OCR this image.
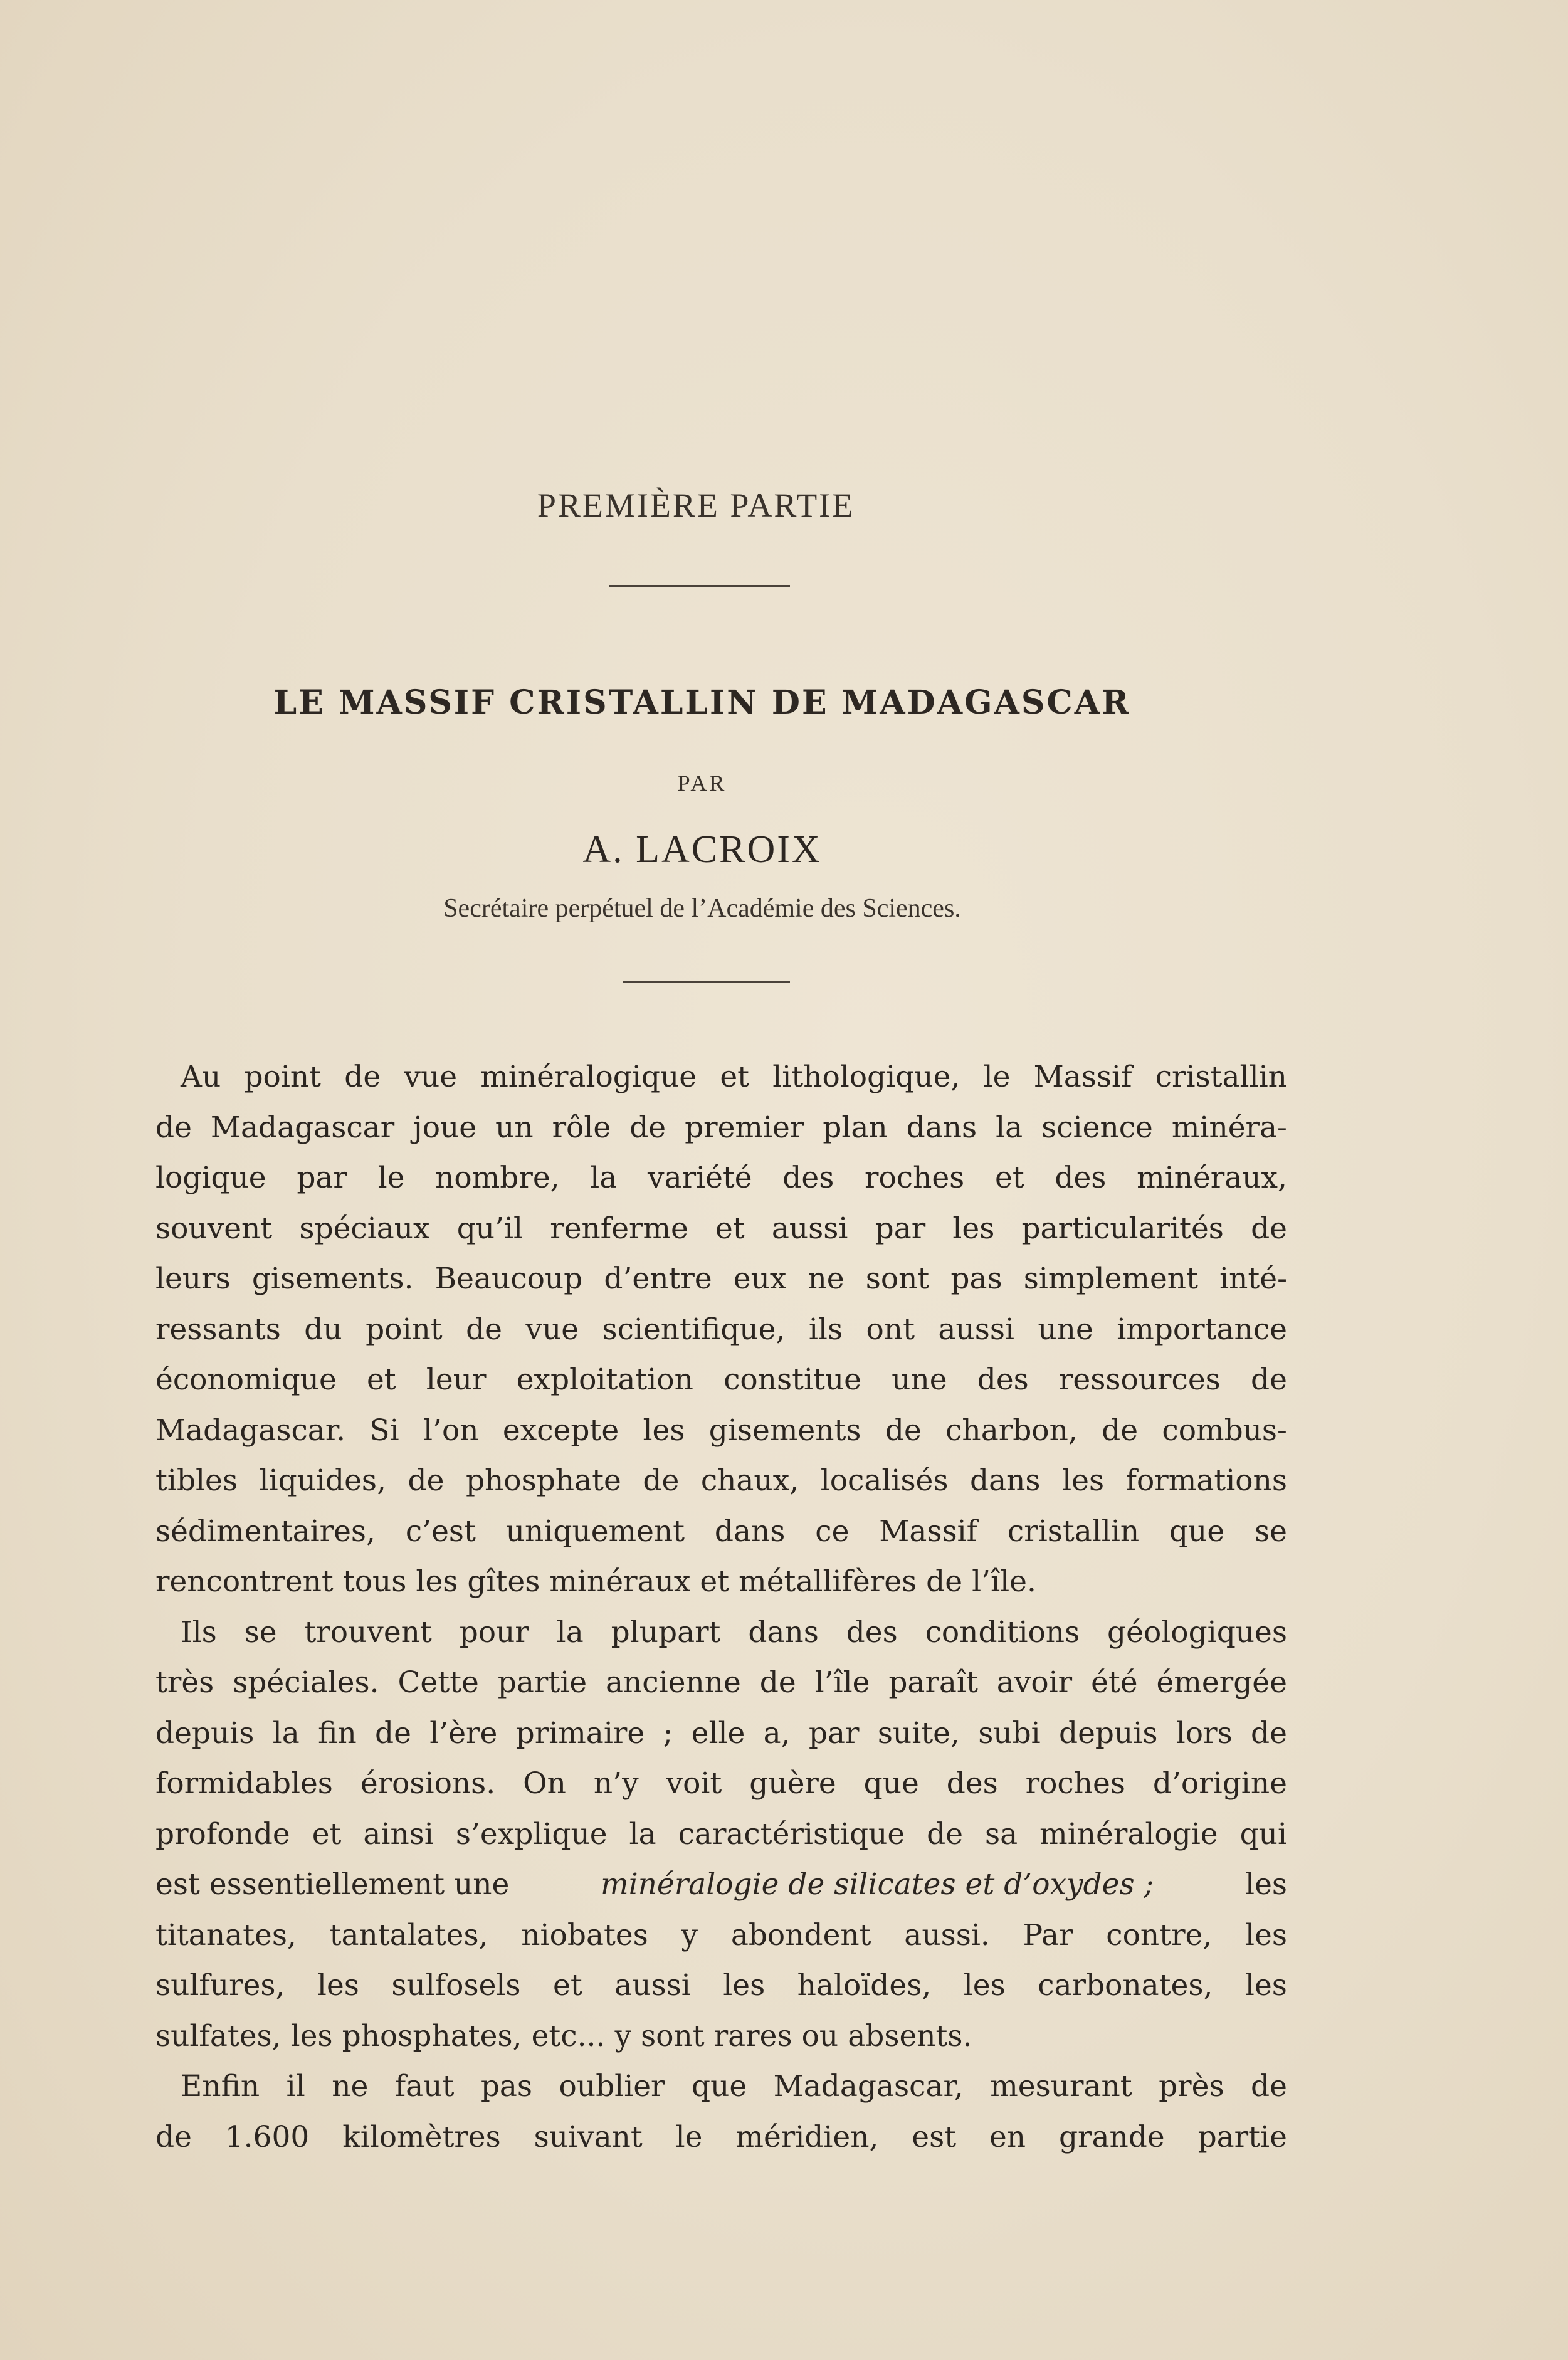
PREMIÈRE PARTIE
LE MASSIF CRISTALLIN DE MADAGASCAR
PAR
A. LACROIX
Secrétaire perpétuel de l’Académie des Sciences.
Au point de vue minéralogique et lithologique, le Massif cristallin
de Madagascar joue un rôle de premier plan dans la science minéra-
logique par le nombre, la variété des roches et des minéraux,
souvent spéciaux qu’il renferme et aussi par les particularités de
leurs gisements. Beaucoup d’entre eux ne sont pas simplement inté-
ressants du point de vue scientifique, ils ont aussi une importance
économique et leur exploitation constitue une des ressources de
Madagascar. Si l’on excepte les gisements de charbon, de combus-
tibles liquides, de phosphate de chaux, localisés dans les formations
sédimentaires, c’est uniquement dans ce Massif cristallin que se
rencontrent tous les gîtes minéraux et métallifères de l’île.
Ils se trouvent pour la plupart dans des conditions géologiques
très spéciales. Cette partie ancienne de l’île paraît avoir été émergée
depuis la fin de l’ère primaire ; elle a, par suite, subi depuis lors de
formidables érosions. On n’y voit guère que des roches d’origine
profonde et ainsi s’explique la caractéristique de sa minéralogie qui
est essentiellement une	minéralogie de silicates et d’oxydes ;	les
titanates, tantalates, niobates y abondent aussi. Par contre, les
sulfures, les sulfosels et aussi les haloïdes, les carbonates, les
sulfates, les phosphates, etc... y sont rares ou absents.
Enfin il ne faut pas oublier que Madagascar, mesurant près de
de 1.600 kilomètres suivant le méridien, est en grande partie
